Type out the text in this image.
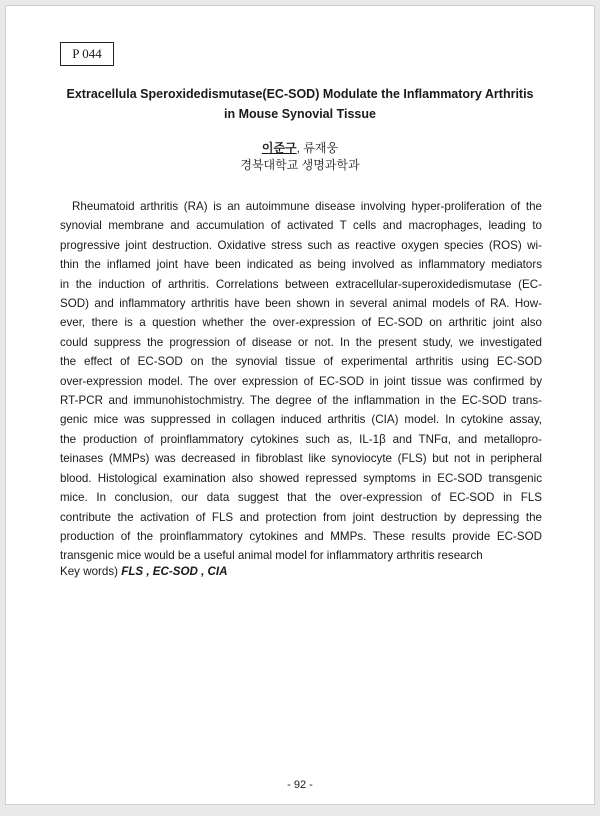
P 044
Extracellula Speroxidedismutase(EC-SOD) Modulate the Inflammatory Arthritis
in Mouse Synovial Tissue
이준구, 류재웅
경북대학교 생명과학과
Rheumatoid arthritis (RA) is an autoimmune disease involving hyper-proliferation of the
synovial membrane and accumulation of activated T cells and macrophages, leading to
progressive joint destruction. Oxidative stress such as reactive oxygen species (ROS) wi-
thin the inflamed joint have been indicated as being involved as inflammatory mediators
in the induction of arthritis. Correlations between extracellular-superoxidedismutase (EC-
SOD) and inflammatory arthritis have been shown in several animal models of RA. How-
ever, there is a question whether the over-expression of EC-SOD on arthritic joint also
could suppress the progression of disease or not. In the present study, we investigated
the effect of EC-SOD on the synovial tissue of experimental arthritis using EC-SOD
over-expression model. The over expression of EC-SOD in joint tissue was confirmed by
RT-PCR and immunohistochmistry. The degree of the inflammation in the EC-SOD trans-
genic mice was suppressed in collagen induced arthritis (CIA) model. In cytokine assay,
the production of proinflammatory cytokines such as, IL-1β and TNFα, and metallopro-
teinases (MMPs) was decreased in fibroblast like synoviocyte (FLS) but not in peripheral
blood. Histological examination also showed repressed symptoms in EC-SOD transgenic
mice. In conclusion, our data suggest that the over-expression of EC-SOD in FLS
contribute the activation of FLS and protection from joint destruction by depressing the
production of the proinflammatory cytokines and MMPs. These results provide EC-SOD
transgenic mice would be a useful animal model for inflammatory arthritis research
Key words) FLS , EC-SOD , CIA
- 92 -
